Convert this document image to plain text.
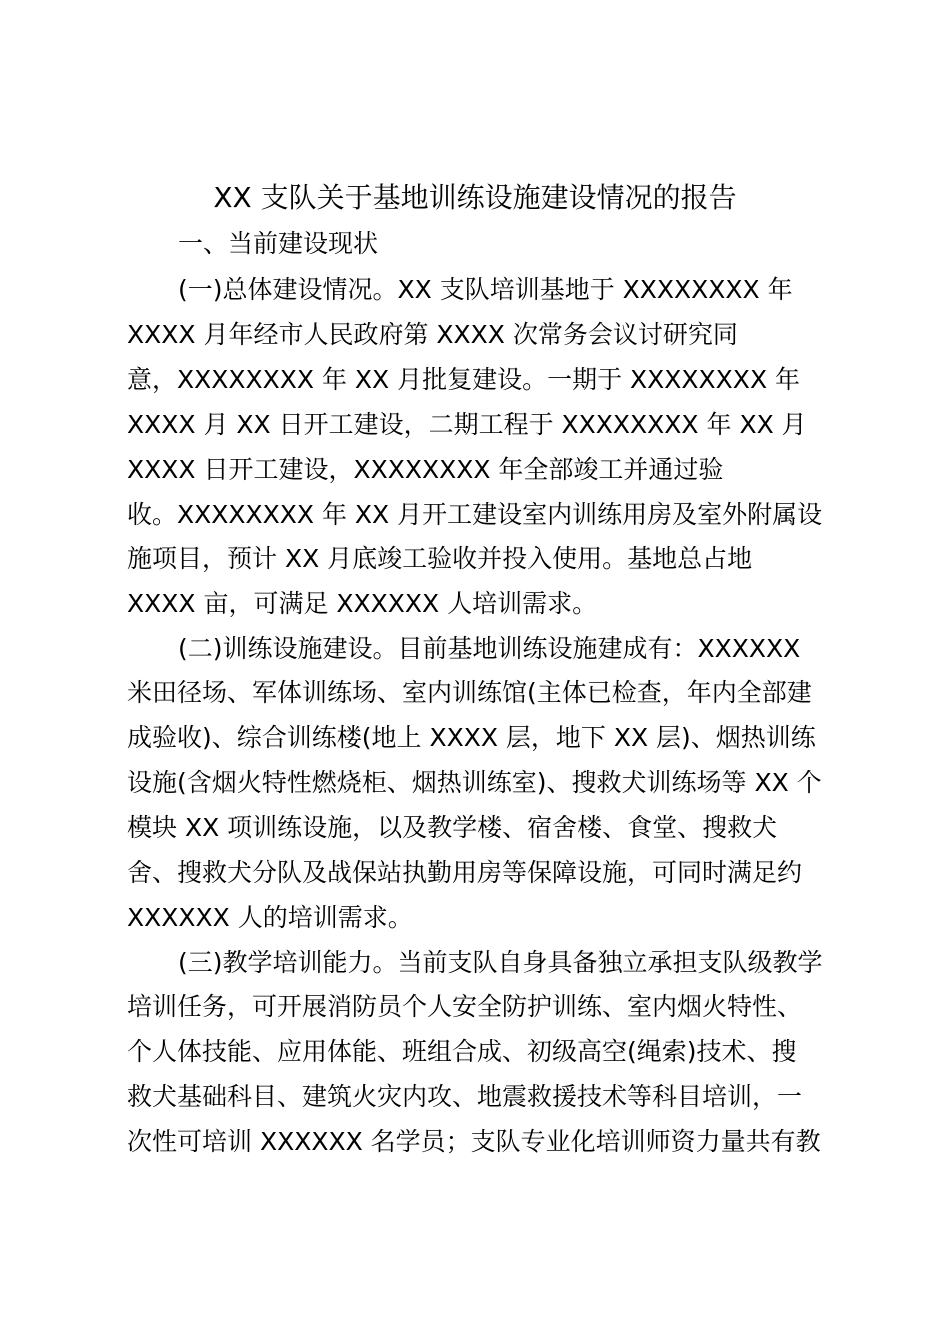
XX 支队关于基地训练设施建设情况的报告
一、当前建设现状
(一)总体建设情况。XX 支队培训基地于 XXXXXXXX 年
XXXX 月年经市人民政府第 XXXX 次常务会议讨研究同
意，XXXXXXXX 年 XX 月批复建设。一期于 XXXXXXXX 年
XXXX 月 XX 日开工建设，二期工程于 XXXXXXXX 年 XX 月
XXXX 日开工建设，XXXXXXXX 年全部竣工并通过验
收。XXXXXXXX 年 XX 月开工建设室内训练用房及室外附属设
施项目，预计 XX 月底竣工验收并投入使用。基地总占地
XXXX 亩，可满足 XXXXXX 人培训需求。
(二)训练设施建设。目前基地训练设施建成有：XXXXXX
米田径场、军体训练场、室内训练馆(主体已检查，年内全部建
成验收)、综合训练楼(地上 XXXX 层，地下 XX 层)、烟热训练
设施(含烟火特性燃烧柜、烟热训练室)、搜救犬训练场等 XX 个
模块 XX 项训练设施，以及教学楼、宿舍楼、食堂、搜救犬
舍、搜救犬分队及战保站执勤用房等保障设施，可同时满足约
XXXXXX 人的培训需求。
(三)教学培训能力。当前支队自身具备独立承担支队级教学
培训任务，可开展消防员个人安全防护训练、室内烟火特性、
个人体技能、应用体能、班组合成、初级高空(绳索)技术、搜
救犬基础科目、建筑火灾内攻、地震救援技术等科目培训，一
次性可培训 XXXXXX 名学员；支队专业化培训师资力量共有教
